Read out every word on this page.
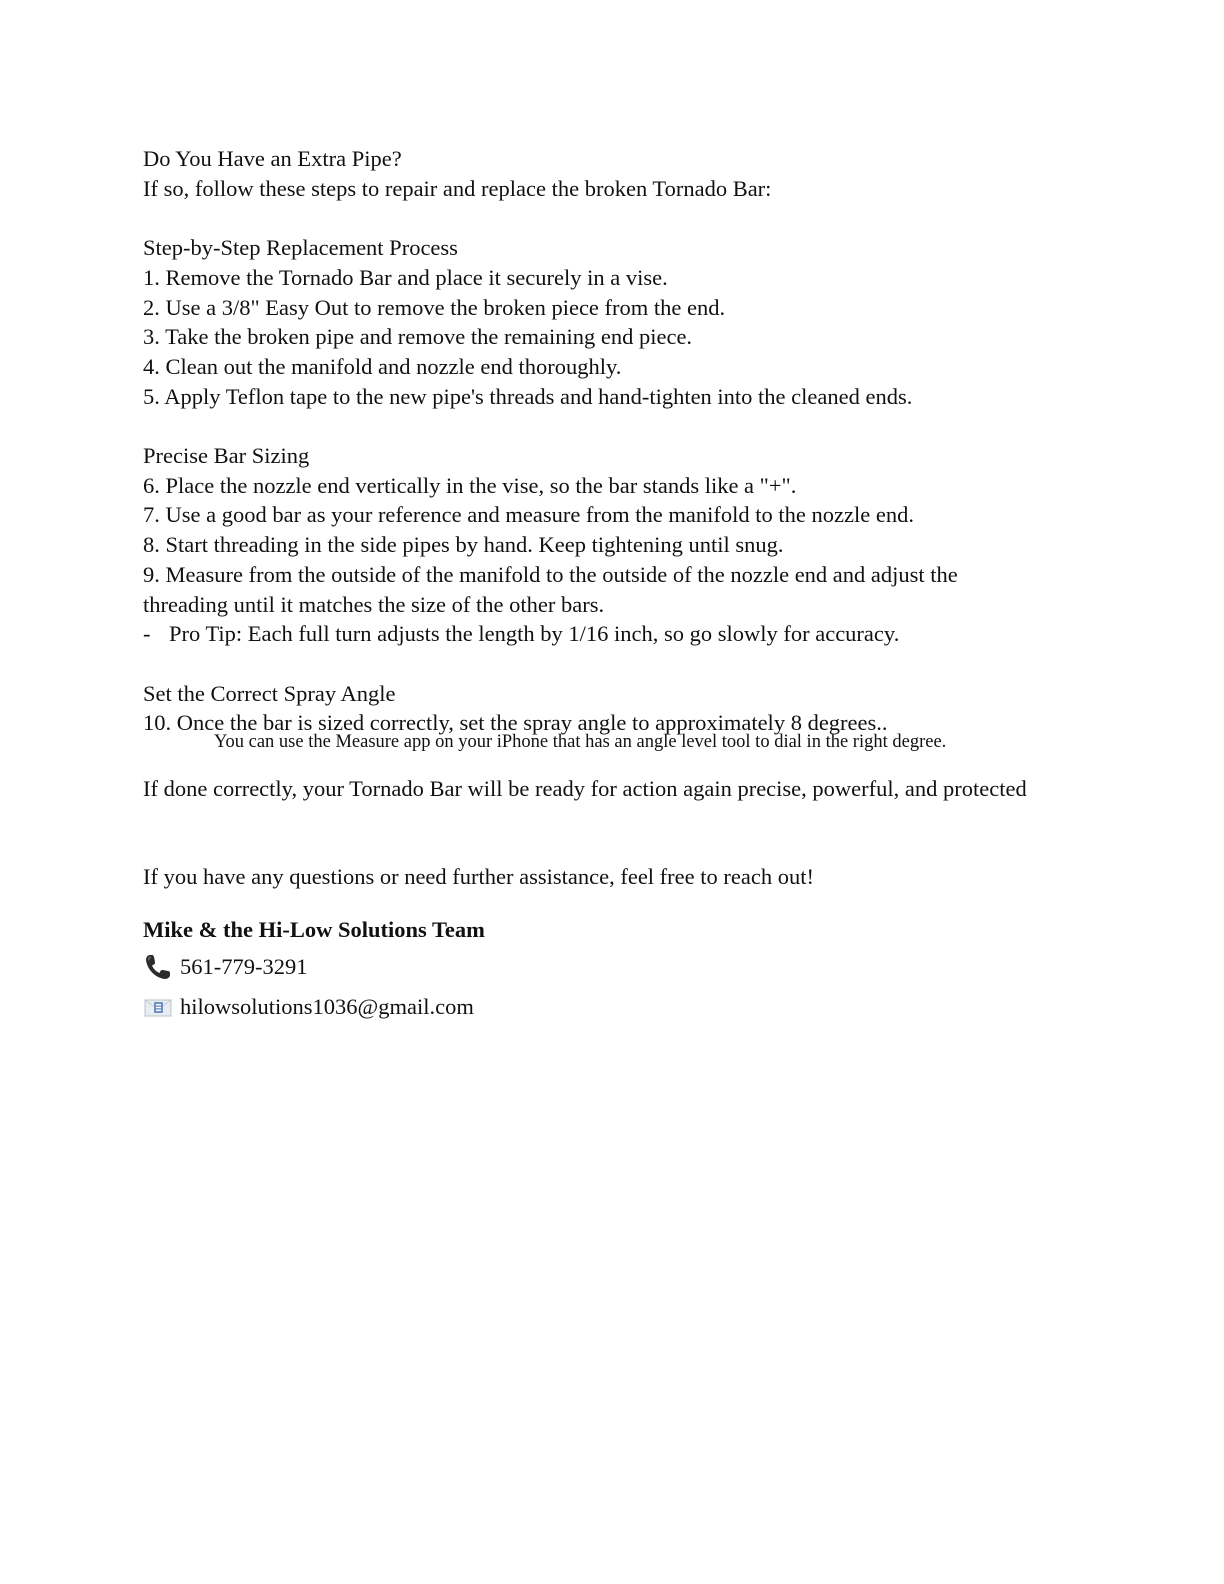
Do You Have an Extra Pipe?
If so, follow these steps to repair and replace the broken Tornado Bar:
Step-by-Step Replacement Process
1. Remove the Tornado Bar and place it securely in a vise.
2. Use a 3/8" Easy Out to remove the broken piece from the end.
3. Take the broken pipe and remove the remaining end piece.
4. Clean out the manifold and nozzle end thoroughly.
5. Apply Teflon tape to the new pipe's threads and hand-tighten into the cleaned ends.
Precise Bar Sizing
6. Place the nozzle end vertically in the vise, so the bar stands like a "+".
7. Use a good bar as your reference and measure from the manifold to the nozzle end.
8. Start threading in the side pipes by hand. Keep tightening until snug.
9. Measure from the outside of the manifold to the outside of the nozzle end and adjust the threading until it matches the size of the other bars.
- Pro Tip: Each full turn adjusts the length by 1/16 inch, so go slowly for accuracy.
Set the Correct Spray Angle
10. Once the bar is sized correctly, set the spray angle to approximately 8 degrees..
You can use the Measure app on your iPhone that has an angle level tool to dial in the right degree.
If done correctly, your Tornado Bar will be ready for action again precise, powerful, and protected
If you have any questions or need further assistance, feel free to reach out!
Mike & the Hi-Low Solutions Team
561-779-3291
hilowsolutions1036@gmail.com
